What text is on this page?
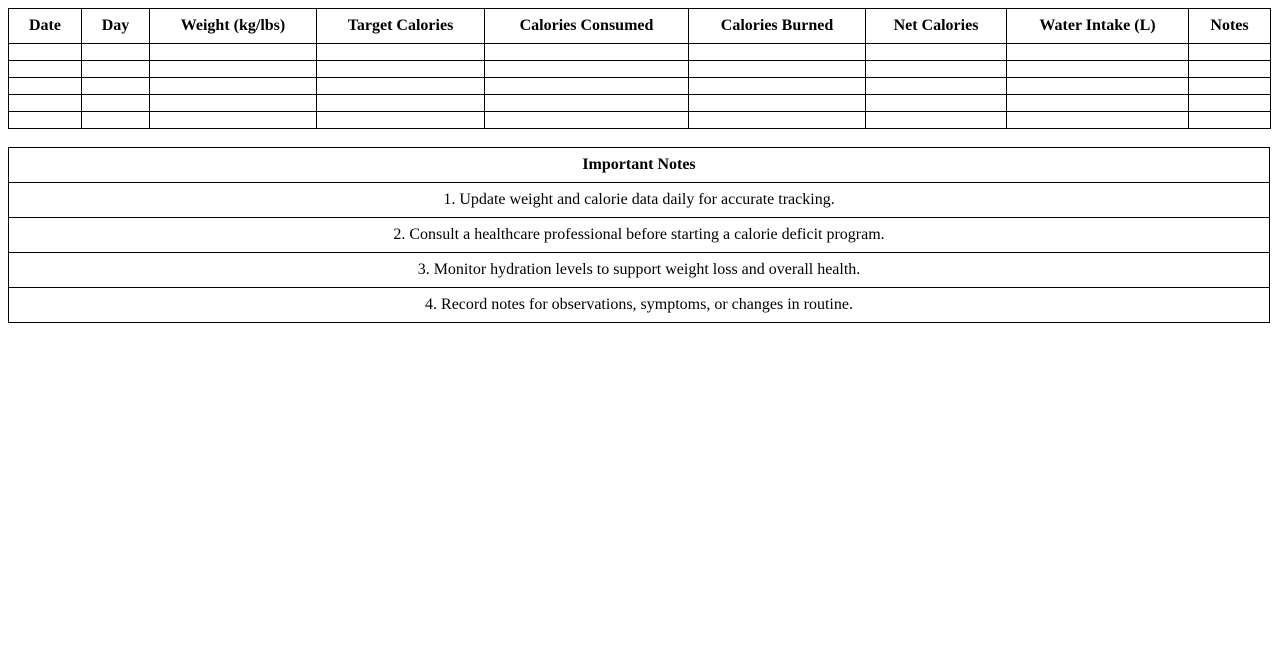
Date	Day	Weight (kg/lbs)	Target Calories	Calories Consumed	Calories Burned	Net Calories	Water Intake (L)	Notes

Important Notes
1. Update weight and calorie data daily for accurate tracking.
2. Consult a healthcare professional before starting a calorie deficit program.
3. Monitor hydration levels to support weight loss and overall health.
4. Record notes for observations, symptoms, or changes in routine.
